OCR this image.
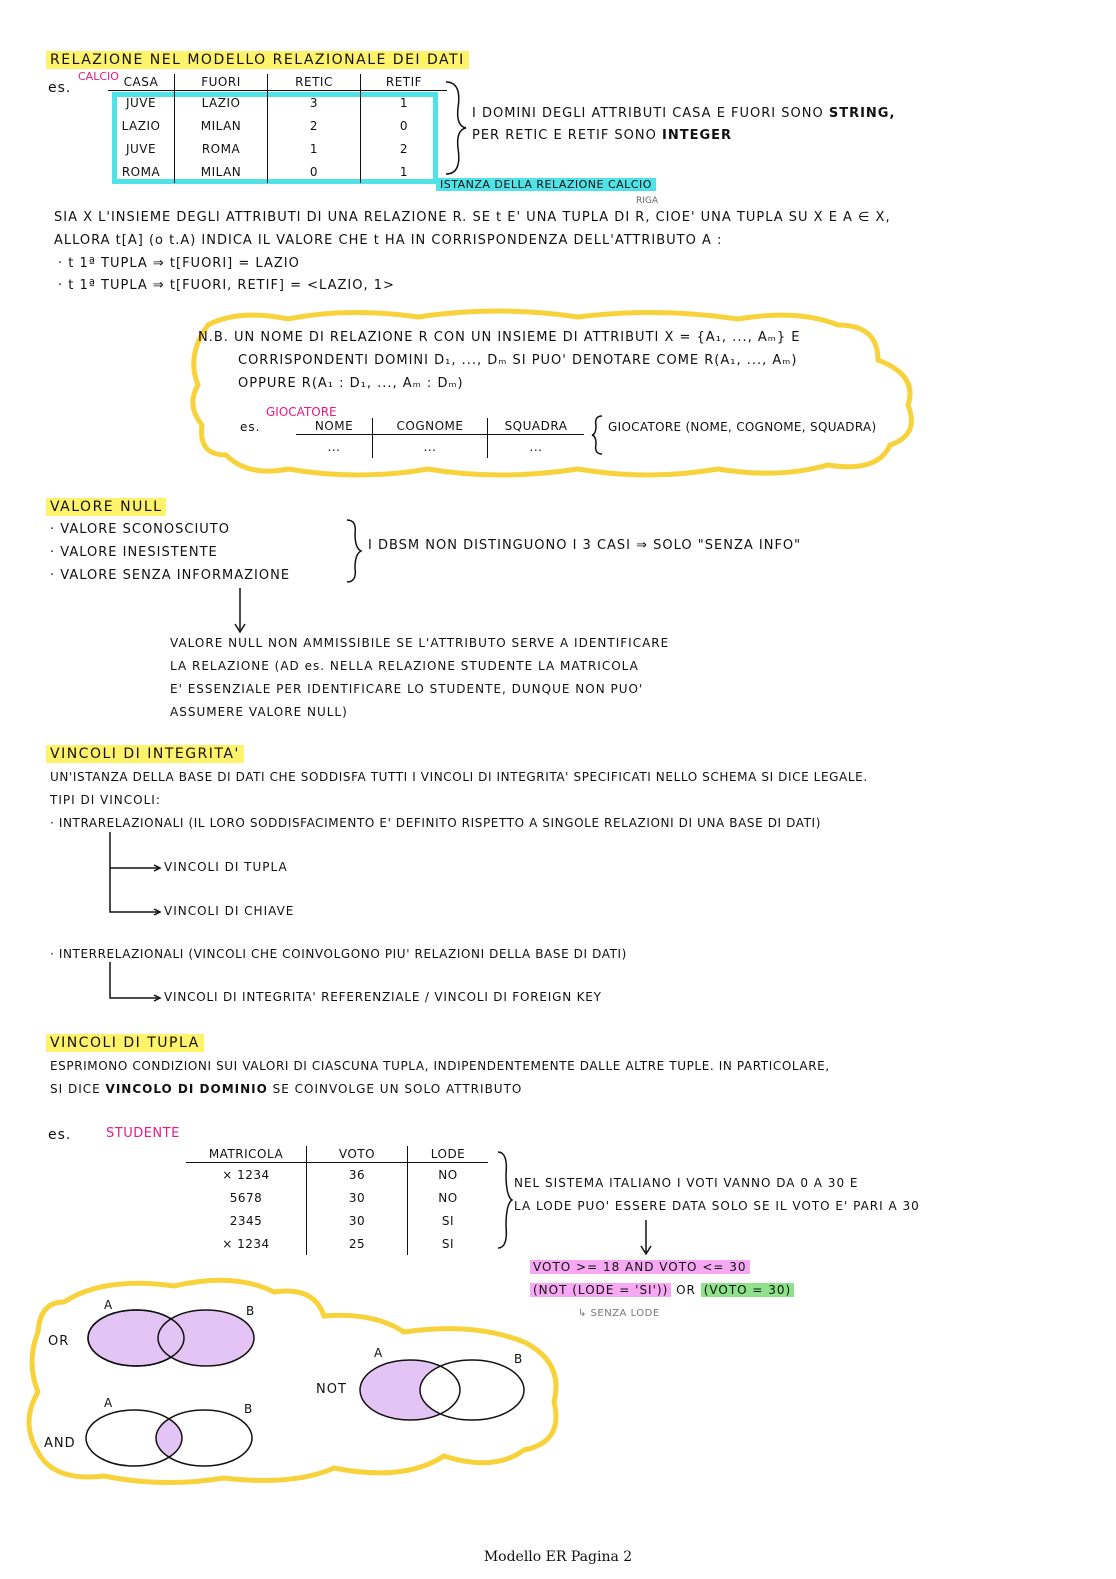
RELAZIONE NEL MODELLO RELAZIONALE DEI DATI
CALCIO
es.	CASA	FUORI	RETIC	RETIF
JUVE	LAZIO	3	1
LAZIO	MILAN	2	0
JUVE	ROMA	1	2
ROMA	MILAN	0	1
I DOMINI DEGLI ATTRIBUTI CASA E FUORI SONO STRING,
PER RETIC E RETIF SONO INTEGER
ISTANZA DELLA RELAZIONE CALCIO
RIGA
SIA X L'INSIEME DEGLI ATTRIBUTI DI UNA RELAZIONE R. SE t E' UNA TUPLA DI R, CIOE' UNA TUPLA SU X E A ∈ X,
ALLORA t[A] (o t.A) INDICA IL VALORE CHE t HA IN CORRISPONDENZA DELL'ATTRIBUTO A :
· t 1ª TUPLA ⇒ t[FUORI] = LAZIO
· t 1ª TUPLA ⇒ t[FUORI, RETIF] = <LAZIO, 1>
N.B. UN NOME DI RELAZIONE R CON UN INSIEME DI ATTRIBUTI X = {A₁, ..., Aₘ} E
CORRISPONDENTI DOMINI D₁, ..., Dₘ SI PUO' DENOTARE COME R(A₁, ..., Aₘ)
OPPURE R(A₁ : D₁, ..., Aₘ : Dₘ)
GIOCATORE
es.	NOME	COGNOME	SQUADRA
...	...	...
GIOCATORE (NOME, COGNOME, SQUADRA)
VALORE NULL
· VALORE SCONOSCIUTO
· VALORE INESISTENTE
· VALORE SENZA INFORMAZIONE
I DBSM NON DISTINGUONO I 3 CASI ⇒ SOLO "SENZA INFO"
VALORE NULL NON AMMISSIBILE SE L'ATTRIBUTO SERVE A IDENTIFICARE
LA RELAZIONE (AD es. NELLA RELAZIONE STUDENTE LA MATRICOLA
E' ESSENZIALE PER IDENTIFICARE LO STUDENTE, DUNQUE NON PUO'
ASSUMERE VALORE NULL)
VINCOLI DI INTEGRITA'
UN'ISTANZA DELLA BASE DI DATI CHE SODDISFA TUTTI I VINCOLI DI INTEGRITA' SPECIFICATI NELLO SCHEMA SI DICE LEGALE.
TIPI DI VINCOLI:
· INTRARELAZIONALI (IL LORO SODDISFACIMENTO E' DEFINITO RISPETTO A SINGOLE RELAZIONI DI UNA BASE DI DATI)
VINCOLI DI TUPLA
VINCOLI DI CHIAVE
· INTERRELAZIONALI (VINCOLI CHE COINVOLGONO PIU' RELAZIONI DELLA BASE DI DATI)
VINCOLI DI INTEGRITA' REFERENZIALE / VINCOLI DI FOREIGN KEY
VINCOLI DI TUPLA
ESPRIMONO CONDIZIONI SUI VALORI DI CIASCUNA TUPLA, INDIPENDENTEMENTE DALLE ALTRE TUPLE. IN PARTICOLARE,
SI DICE VINCOLO DI DOMINIO SE COINVOLGE UN SOLO ATTRIBUTO
es.	STUDENTE
MATRICOLA	VOTO	LODE
× 1234	36	NO
5678	30	NO
2345	30	SI
× 1234	25	SI
NEL SISTEMA ITALIANO I VOTI VANNO DA 0 A 30 E
LA LODE PUO' ESSERE DATA SOLO SE IL VOTO E' PARI A 30
VOTO >= 18 AND VOTO <= 30
(NOT (LODE = 'SI')) OR (VOTO = 30)
↳ SENZA LODE
OR
A	B
AND
A	B
NOT
A	B
Modello ER Pagina 2
